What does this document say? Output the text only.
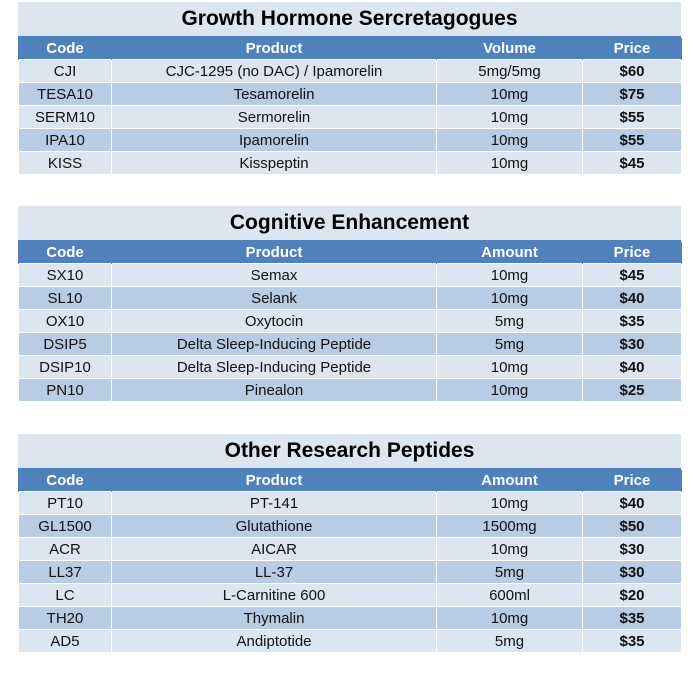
Growth Hormone Sercretagogues
Code	Product	Volume	Price
CJI	CJC-1295 (no DAC) / Ipamorelin	5mg/5mg	$60
TESA10	Tesamorelin	10mg	$75
SERM10	Sermorelin	10mg	$55
IPA10	Ipamorelin	10mg	$55
KISS	Kisspeptin	10mg	$45
Cognitive Enhancement
Code	Product	Amount	Price
SX10	Semax	10mg	$45
SL10	Selank	10mg	$40
OX10	Oxytocin	5mg	$35
DSIP5	Delta Sleep-Inducing Peptide	5mg	$30
DSIP10	Delta Sleep-Inducing Peptide	10mg	$40
PN10	Pinealon	10mg	$25
Other Research Peptides
Code	Product	Amount	Price
PT10	PT-141	10mg	$40
GL1500	Glutathione	1500mg	$50
ACR	AICAR	10mg	$30
LL37	LL-37	5mg	$30
LC	L-Carnitine 600	600ml	$20
TH20	Thymalin	10mg	$35
AD5	Andiptotide	5mg	$35
